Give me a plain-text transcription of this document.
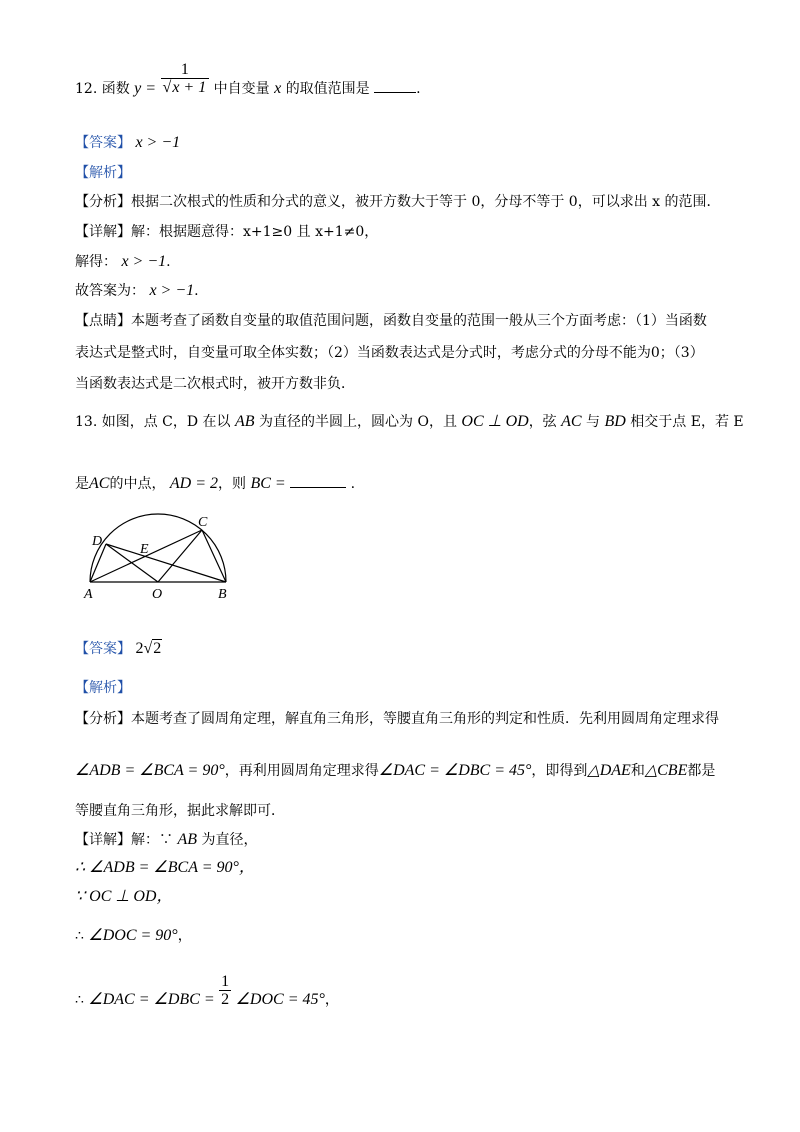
12. 函数 $y = \frac{1}{√x + 1}$ 中自变量 x 的取值范围是	.
【答案】 x > −1
【解析】
【分析】根据二次根式的性质和分式的意义，被开方数大于等于 0，分母不等于 0，可以求出 x 的范围．
【详解】解：根据题意得：x+1≥0 且 x+1≠0，
解得： x > −1.
故答案为： x > −1.
【点睛】本题考查了函数自变量的取值范围问题，函数自变量的范围一般从三个方面考虑：（1）当函数
表达式是整式时，自变量可取全体实数；（2）当函数表达式是分式时，考虑分式的分母不能为0；（3）
当函数表达式是二次根式时，被开方数非负．
13. 如图，点 C，D 在以 AB 为直径的半圆上，圆心为 O，且 OC ⊥ OD，弦 AC 与 BD 相交于点 E，若 E
是AC的中点， AD = 2，则 BC =	.
D
E
C
A	O	B
【答案】 2√2
【解析】
【分析】本题考查了圆周角定理，解直角三角形，等腰直角三角形的判定和性质．先利用圆周角定理求得
∠ADB = ∠BCA = 90°，再利用圆周角定理求得∠DAC = ∠DBC = 45°，即得到△DAE和△CBE都是
等腰直角三角形，据此求解即可．
【详解】解：∵ AB 为直径，
∴ ∠ADB = ∠BCA = 90°，
∵ OC ⊥ OD，
∴ ∠DOC = 90°，
∴ ∠DAC = ∠DBC = $\frac{1}{2}$ ∠DOC = 45°，
